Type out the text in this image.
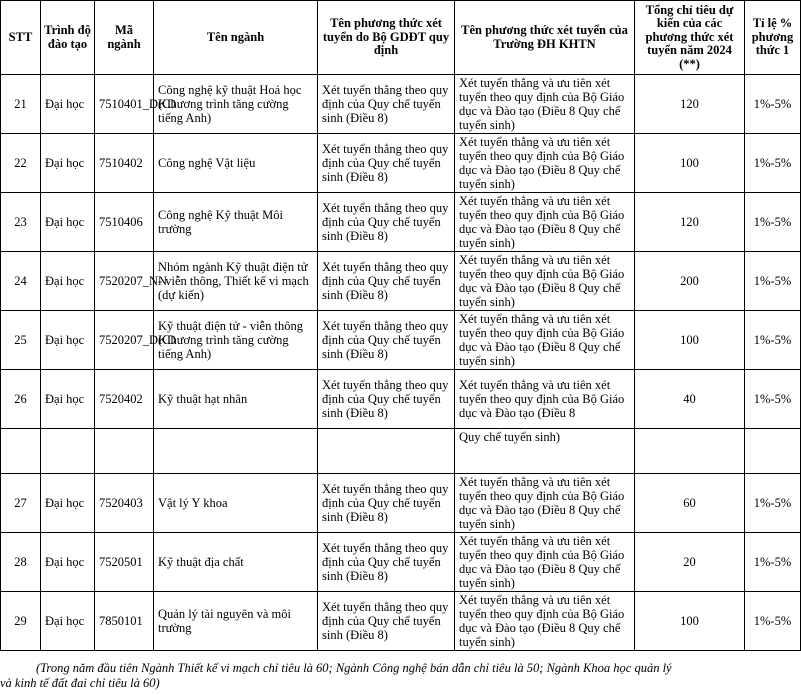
STT	Trình độ đào tạo	Mã ngành	Tên ngành	Tên phương thức xét tuyển do Bộ GDĐT quy định	Tên phương thức xét tuyển của Trường ĐH KHTN	Tổng chỉ tiêu dự kiến của các phương thức xét tuyển năm 2024 (**)	Tỉ lệ % phương thức 1
21	Đại học	7510401_DKD	Công nghệ kỹ thuật Hoá học (Chương trình tăng cường tiếng Anh)	Xét tuyển thẳng theo quy định của Quy chế tuyển sinh (Điều 8)	Xét tuyển thẳng và ưu tiên xét tuyển theo quy định của Bộ Giáo dục và Đào tạo (Điều 8 Quy chế tuyển sinh)	120	1%-5%
22	Đại học	7510402	Công nghệ Vật liệu	Xét tuyển thẳng theo quy định của Quy chế tuyển sinh (Điều 8)	Xét tuyển thẳng và ưu tiên xét tuyển theo quy định của Bộ Giáo dục và Đào tạo (Điều 8 Quy chế tuyển sinh)	100	1%-5%
23	Đại học	7510406	Công nghệ Kỹ thuật Môi trường	Xét tuyển thẳng theo quy định của Quy chế tuyển sinh (Điều 8)	Xét tuyển thẳng và ưu tiên xét tuyển theo quy định của Bộ Giáo dục và Đào tạo (Điều 8 Quy chế tuyển sinh)	120	1%-5%
24	Đại học	7520207_NN	Nhóm ngành Kỹ thuật điện tử - viễn thông, Thiết kế vi mạch (dự kiến)	Xét tuyển thẳng theo quy định của Quy chế tuyển sinh (Điều 8)	Xét tuyển thẳng và ưu tiên xét tuyển theo quy định của Bộ Giáo dục và Đào tạo (Điều 8 Quy chế tuyển sinh)	200	1%-5%
25	Đại học	7520207_DKD	Kỹ thuật điện tử - viễn thông (Chương trình tăng cường tiếng Anh)	Xét tuyển thẳng theo quy định của Quy chế tuyển sinh (Điều 8)	Xét tuyển thẳng và ưu tiên xét tuyển theo quy định của Bộ Giáo dục và Đào tạo (Điều 8 Quy chế tuyển sinh)	100	1%-5%
26	Đại học	7520402	Kỹ thuật hạt nhân	Xét tuyển thẳng theo quy định của Quy chế tuyển sinh (Điều 8)	Xét tuyển thẳng và ưu tiên xét tuyển theo quy định của Bộ Giáo dục và Đào tạo (Điều 8	40	1%-5%
					Quy chế tuyển sinh)		
27	Đại học	7520403	Vật lý Y khoa	Xét tuyển thẳng theo quy định của Quy chế tuyển sinh (Điều 8)	Xét tuyển thẳng và ưu tiên xét tuyển theo quy định của Bộ Giáo dục và Đào tạo (Điều 8 Quy chế tuyển sinh)	60	1%-5%
28	Đại học	7520501	Kỹ thuật địa chất	Xét tuyển thẳng theo quy định của Quy chế tuyển sinh (Điều 8)	Xét tuyển thẳng và ưu tiên xét tuyển theo quy định của Bộ Giáo dục và Đào tạo (Điều 8 Quy chế tuyển sinh)	20	1%-5%
29	Đại học	7850101	Quản lý tài nguyên và môi trường	Xét tuyển thẳng theo quy định của Quy chế tuyển sinh (Điều 8)	Xét tuyển thẳng và ưu tiên xét tuyển theo quy định của Bộ Giáo dục và Đào tạo (Điều 8 Quy chế tuyển sinh)	100	1%-5%
(Trong năm đầu tiên Ngành Thiết kế vi mạch chỉ tiêu là 60; Ngành Công nghệ bán dẫn chỉ tiêu là 50; Ngành Khoa học quản lý
và kinh tế đất đai chỉ tiêu là 60)
